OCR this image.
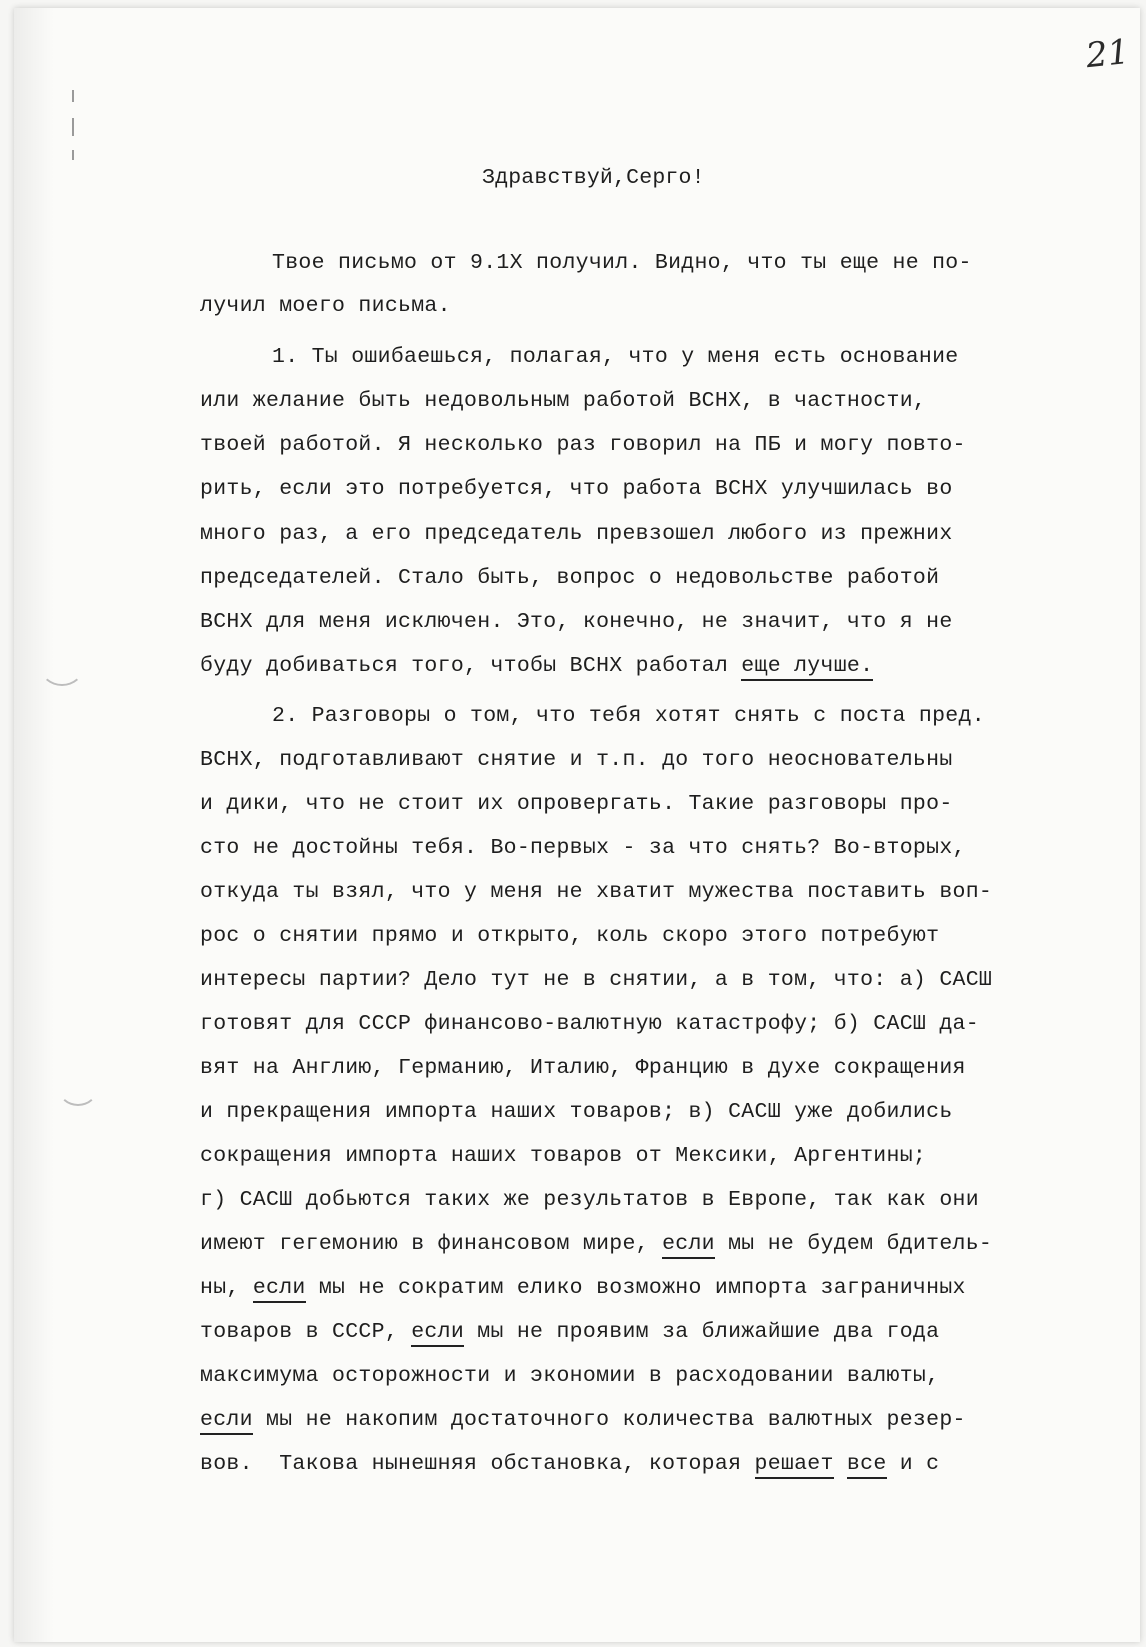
21
Здравствуй,Серго!
Твое письмо от 9.1Х получил. Видно, что ты еще не по-
лучил моего письма.
1. Ты ошибаешься, полагая, что у меня есть основание
или желание быть недовольным работой ВСНХ, в частности,
твоей работой. Я несколько раз говорил на ПБ и могу повто-
рить, если это потребуется, что работа ВСНХ улучшилась во
много раз, а его председатель превзошел любого из прежних
председателей. Стало быть, вопрос о недовольстве работой
ВСНХ для меня исключен. Это, конечно, не значит, что я не
буду добиваться того, чтобы ВСНХ работал еще лучше.
2. Разговоры о том, что тебя хотят снять с поста пред.
ВСНХ, подготавливают снятие и т.п. до того неосновательны
и дики, что не стоит их опровергать. Такие разговоры про-
сто не достойны тебя. Во-первых - за что снять? Во-вторых,
откуда ты взял, что у меня не хватит мужества поставить воп-
рос о снятии прямо и открыто, коль скоро этого потребуют
интересы партии? Дело тут не в снятии, а в том, что: а) САСШ
готовят для СССР финансово-валютную катастрофу; б) САСШ да-
вят на Англию, Германию, Италию, Францию в духе сокращения
и прекращения импорта наших товаров; в) САСШ уже добились
сокращения импорта наших товаров от Мексики, Аргентины;
г) САСШ добьются таких же результатов в Европе, так как они
имеют гегемонию в финансовом мире, если мы не будем бдитель-
ны, если мы не сократим елико возможно импорта заграничных
товаров в СССР, если мы не проявим за ближайшие два года
максимума осторожности и экономии в расходовании валюты,
если мы не накопим достаточного количества валютных резер-
вов.  Такова нынешняя обстановка, которая решает все и с
